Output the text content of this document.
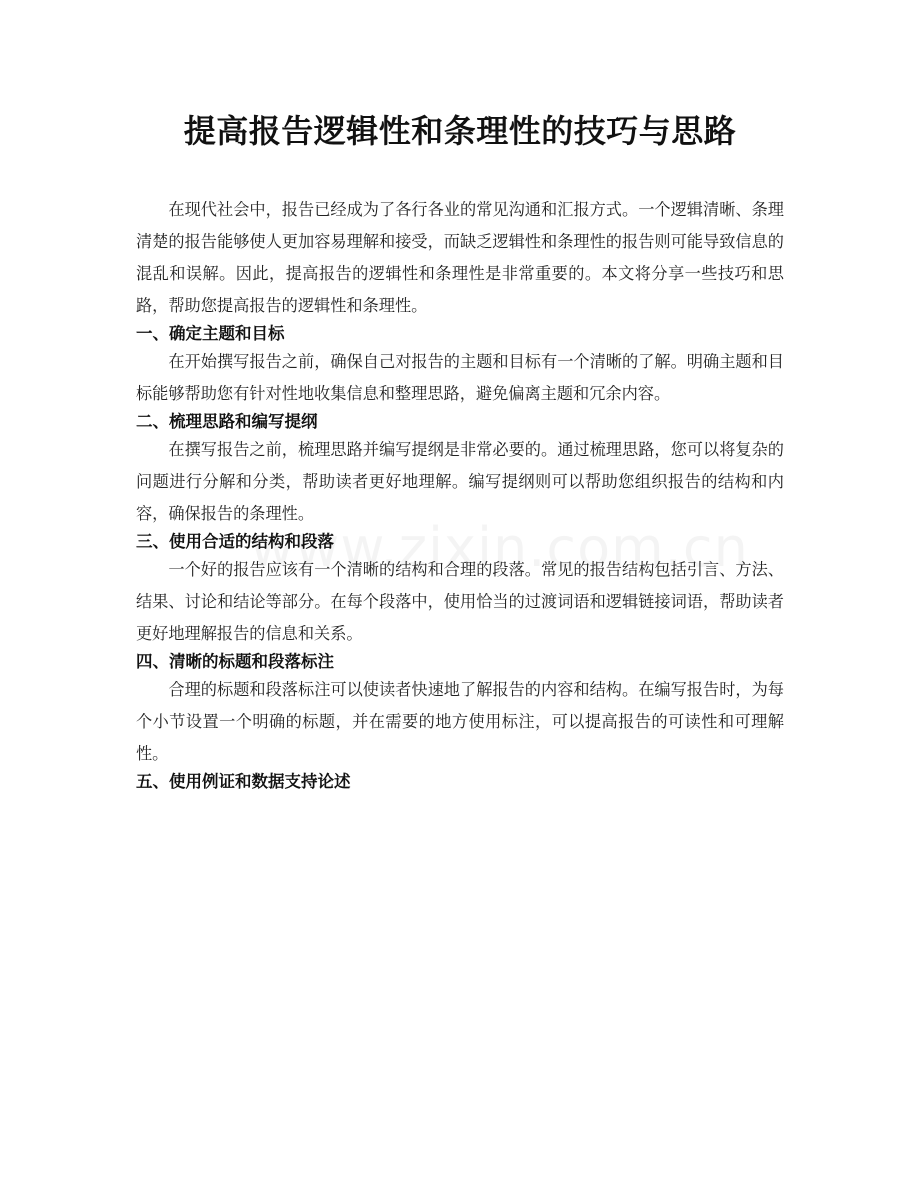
提高报告逻辑性和条理性的技巧与思路

在现代社会中，报告已经成为了各行各业的常见沟通和汇报方式。一个逻辑清晰、条理清楚的报告能够使人更加容易理解和接受，而缺乏逻辑性和条理性的报告则可能导致信息的混乱和误解。因此，提高报告的逻辑性和条理性是非常重要的。本文将分享一些技巧和思路，帮助您提高报告的逻辑性和条理性。

一、确定主题和目标

在开始撰写报告之前，确保自己对报告的主题和目标有一个清晰的了解。明确主题和目标能够帮助您有针对性地收集信息和整理思路，避免偏离主题和冗余内容。

二、梳理思路和编写提纲

在撰写报告之前，梳理思路并编写提纲是非常必要的。通过梳理思路，您可以将复杂的问题进行分解和分类，帮助读者更好地理解。编写提纲则可以帮助您组织报告的结构和内容，确保报告的条理性。

三、使用合适的结构和段落

一个好的报告应该有一个清晰的结构和合理的段落。常见的报告结构包括引言、方法、结果、讨论和结论等部分。在每个段落中，使用恰当的过渡词语和逻辑链接词语，帮助读者更好地理解报告的信息和关系。

四、清晰的标题和段落标注

合理的标题和段落标注可以使读者快速地了解报告的内容和结构。在编写报告时，为每个小节设置一个明确的标题，并在需要的地方使用标注，可以提高报告的可读性和可理解性。

五、使用例证和数据支持论述
